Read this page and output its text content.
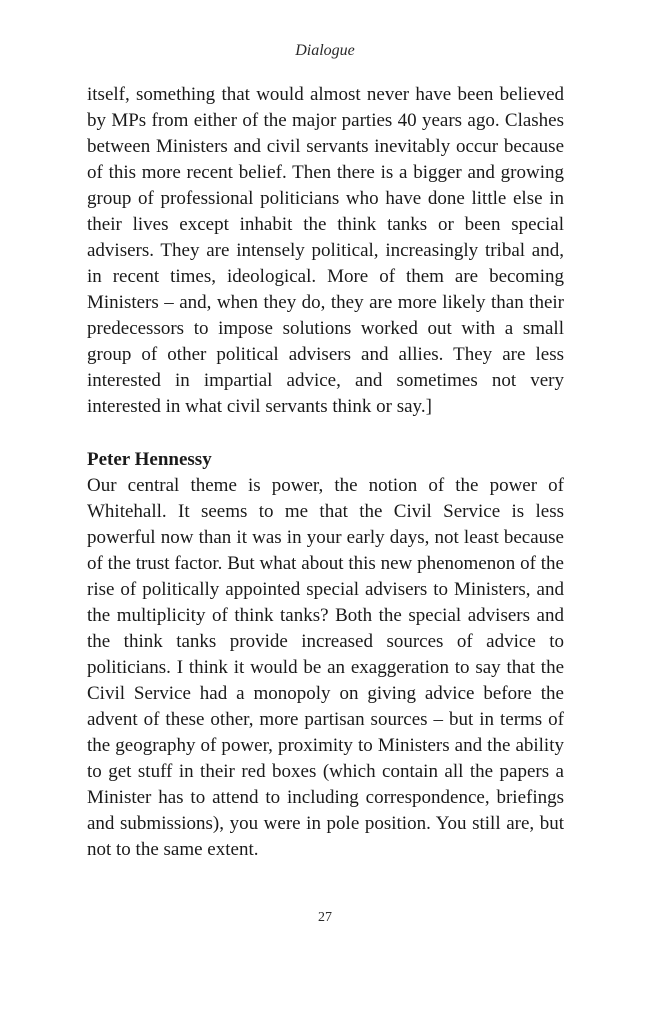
Dialogue

itself, something that would almost never have been believed by MPs from either of the major parties 40 years ago. Clashes between Ministers and civil servants inevitably occur because of this more recent belief. Then there is a bigger and growing group of professional politicians who have done little else in their lives except inhabit the think tanks or been special advisers. They are intensely political, increasingly tribal and, in recent times, ideological. More of them are becoming Ministers – and, when they do, they are more likely than their predecessors to impose solutions worked out with a small group of other political advisers and allies. They are less interested in impartial advice, and sometimes not very interested in what civil servants think or say.]

Peter Hennessy

Our central theme is power, the notion of the power of Whitehall. It seems to me that the Civil Service is less powerful now than it was in your early days, not least because of the trust factor. But what about this new phenomenon of the rise of politically appointed special advisers to Ministers, and the multiplicity of think tanks? Both the special advisers and the think tanks provide increased sources of advice to politicians. I think it would be an exaggeration to say that the Civil Service had a monopoly on giving advice before the advent of these other, more partisan sources – but in terms of the geography of power, proximity to Ministers and the ability to get stuff in their red boxes (which contain all the papers a Minister has to attend to including correspondence, briefings and submissions), you were in pole position. You still are, but not to the same extent.

27
